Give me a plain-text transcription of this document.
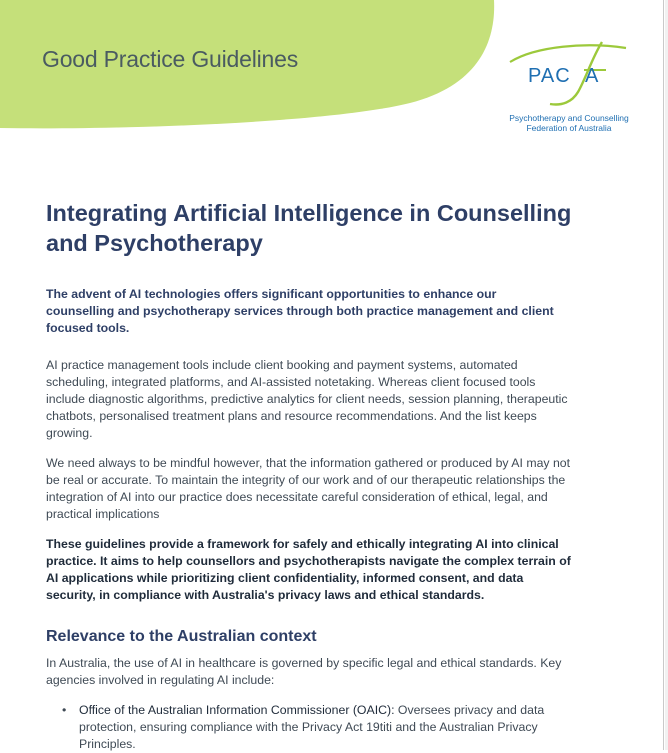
Good Practice Guidelines
PAC A
Psychotherapy and Counselling
Federation of Australia
Integrating Artificial Intelligence in Counselling and Psychotherapy

The advent of AI technologies offers significant opportunities to enhance our counselling and psychotherapy services through both practice management and client focused tools.

AI practice management tools include client booking and payment systems, automated scheduling, integrated platforms, and AI-assisted notetaking. Whereas client focused tools include diagnostic algorithms, predictive analytics for client needs, session planning, therapeutic chatbots, personalised treatment plans and resource recommendations. And the list keeps growing.

We need always to be mindful however, that the information gathered or produced by AI may not be real or accurate. To maintain the integrity of our work and of our therapeutic relationships the integration of AI into our practice does necessitate careful consideration of ethical, legal, and practical implications

These guidelines provide a framework for safely and ethically integrating AI into clinical practice. It aims to help counsellors and psychotherapists navigate the complex terrain of AI applications while prioritizing client confidentiality, informed consent, and data security, in compliance with Australia's privacy laws and ethical standards.

Relevance to the Australian context

In Australia, the use of AI in healthcare is governed by specific legal and ethical standards. Key agencies involved in regulating AI include:

• Office of the Australian Information Commissioner (OAIC): Oversees privacy and data protection, ensuring compliance with the Privacy Act 19titi and the Australian Privacy Principles.
